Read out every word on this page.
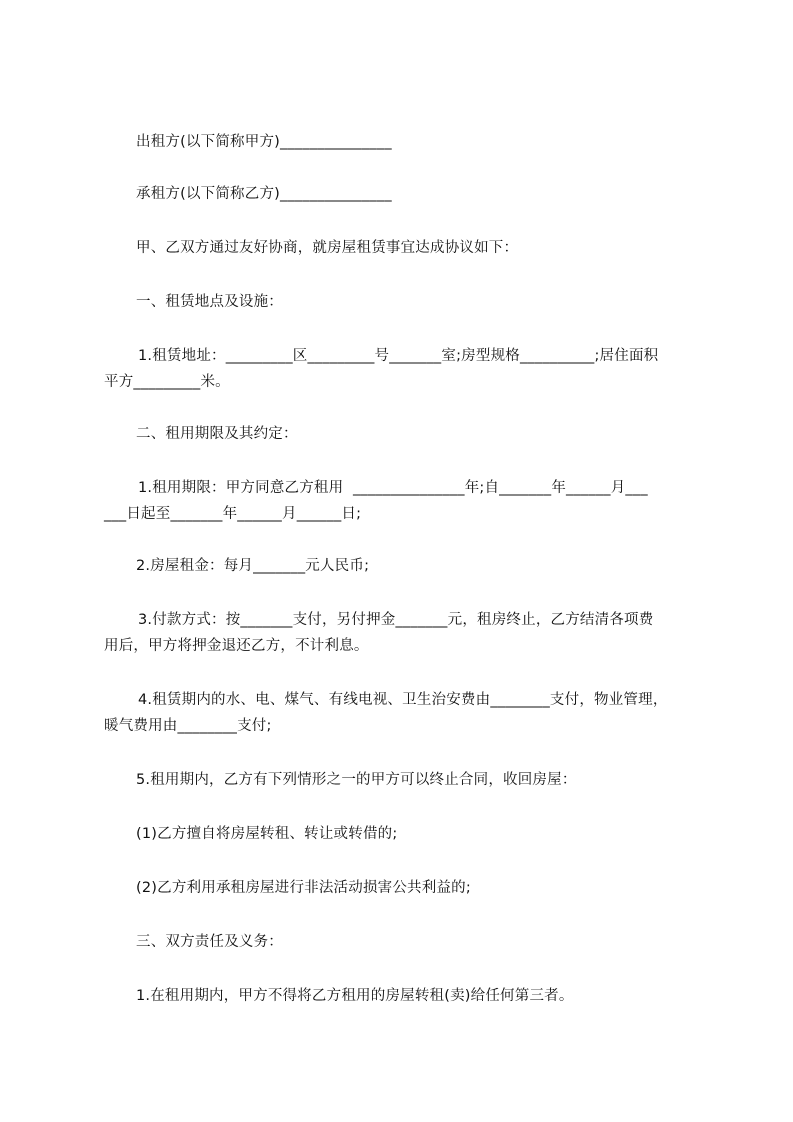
出租方(以下简称甲方)_______________
承租方(以下简称乙方)_______________
甲、乙双方通过友好协商，就房屋租赁事宜达成协议如下：
一、租赁地点及设施：
1.租赁地址：_________区_________号_______室;房型规格__________;居住面积
平方_________米。
二、租用期限及其约定：
1.租用期限：甲方同意乙方租用  _______________年;自_______年______月___
___日起至_______年______月______日;
2.房屋租金：每月_______元人民币;
3.付款方式：按_______支付，另付押金_______元，租房终止，乙方结清各项费
用后，甲方将押金退还乙方，不计利息。
4.租赁期内的水、电、煤气、有线电视、卫生治安费由________支付，物业管理，
暖气费用由________支付;
5.租用期内，乙方有下列情形之一的甲方可以终止合同，收回房屋：
(1)乙方擅自将房屋转租、转让或转借的;
(2)乙方利用承租房屋进行非法活动损害公共利益的;
三、双方责任及义务：
1.在租用期内，甲方不得将乙方租用的房屋转租(卖)给任何第三者。
